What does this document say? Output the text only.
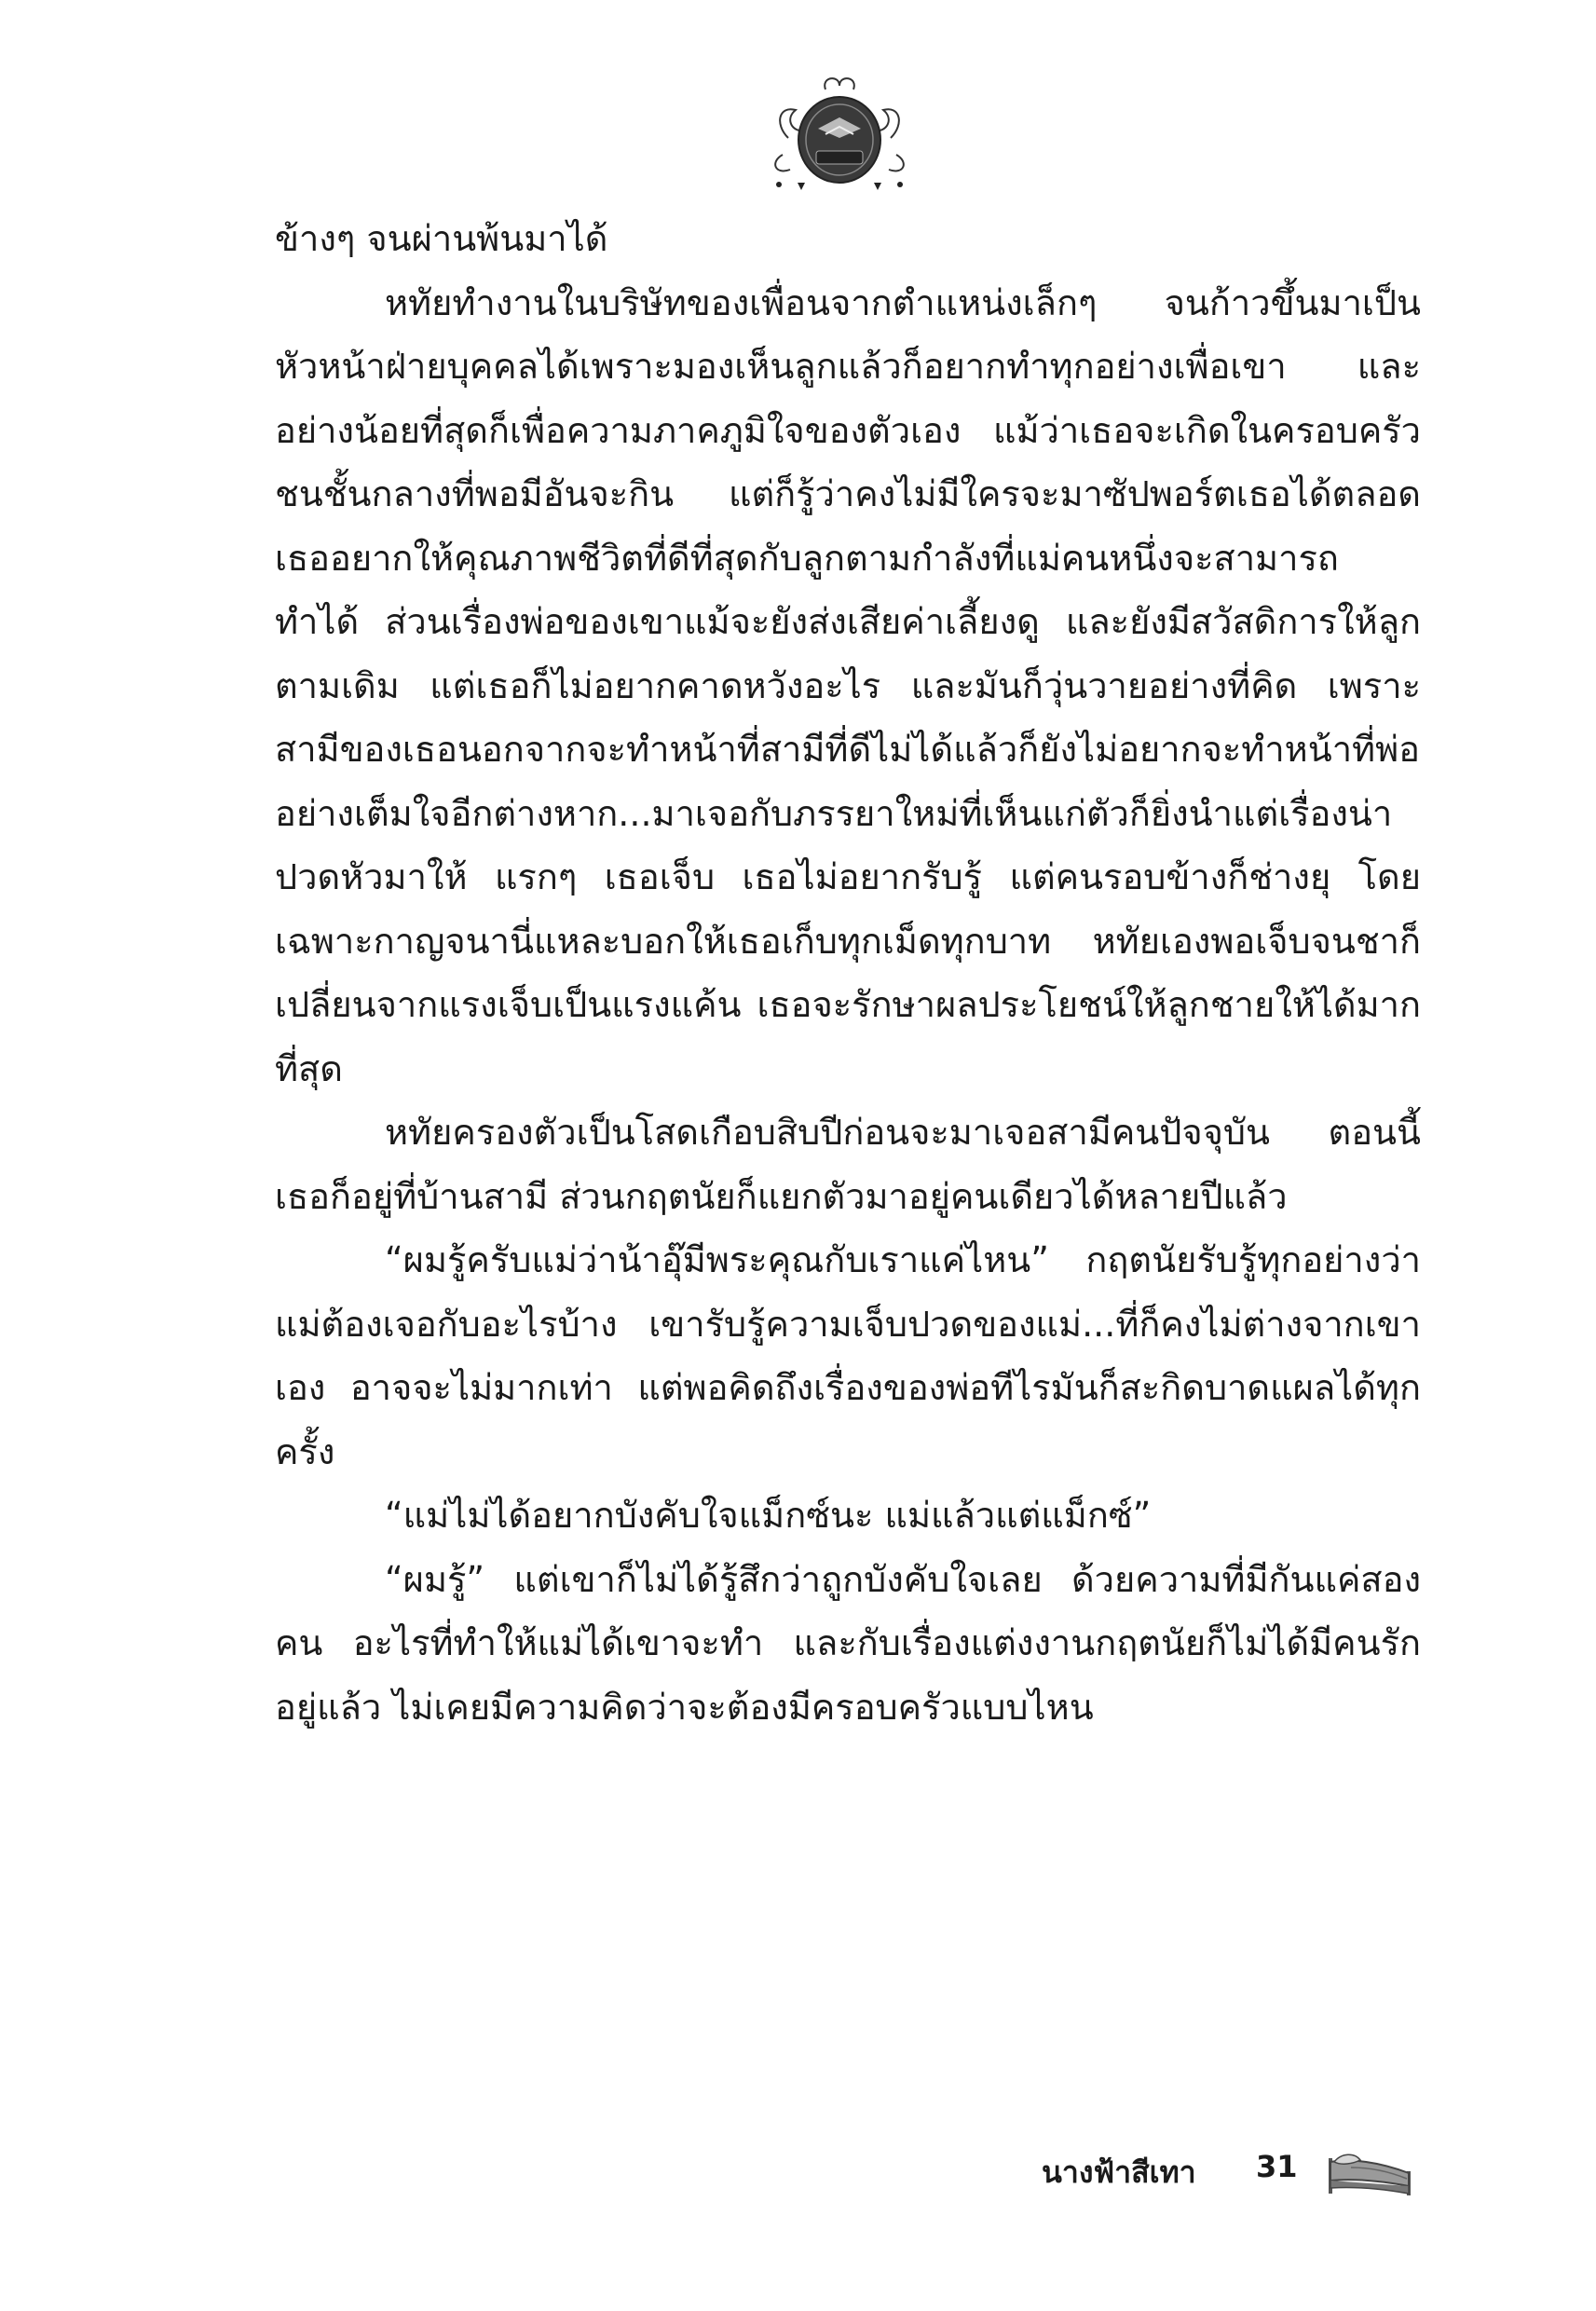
ข้างๆ จนผ่านพ้นมาได้

หทัยทำงานในบริษัทของเพื่อนจากตำแหน่งเล็กๆ จนก้าวขึ้นมาเป็นหัวหน้าฝ่ายบุคคลได้เพราะมองเห็นลูกแล้วก็อยากทำทุกอย่างเพื่อเขา และอย่างน้อยที่สุดก็เพื่อความภาคภูมิใจของตัวเอง แม้ว่าเธอจะเกิดในครอบครัวชนชั้นกลางที่พอมีอันจะกิน แต่ก็รู้ว่าคงไม่มีใครจะมาซัปพอร์ตเธอได้ตลอด เธออยากให้คุณภาพชีวิตที่ดีที่สุดกับลูกตามกำลังที่แม่คนหนึ่งจะสามารถทำได้ ส่วนเรื่องพ่อของเขาแม้จะยังส่งเสียค่าเลี้ยงดู และยังมีสวัสดิการให้ลูกตามเดิม แต่เธอก็ไม่อยากคาดหวังอะไร และมันก็วุ่นวายอย่างที่คิด เพราะสามีของเธอนอกจากจะทำหน้าที่สามีที่ดีไม่ได้แล้วก็ยังไม่อยากจะทำหน้าที่พ่ออย่างเต็มใจอีกต่างหาก...มาเจอกับภรรยาใหม่ที่เห็นแก่ตัวก็ยิ่งนำแต่เรื่องน่าปวดหัวมาให้ แรกๆ เธอเจ็บ เธอไม่อยากรับรู้ แต่คนรอบข้างก็ช่างยุ โดยเฉพาะกาญจนานี่แหละบอกให้เธอเก็บทุกเม็ดทุกบาท หทัยเองพอเจ็บจนชาก็เปลี่ยนจากแรงเจ็บเป็นแรงแค้น เธอจะรักษาผลประโยชน์ให้ลูกชายให้ได้มากที่สุด

หทัยครองตัวเป็นโสดเกือบสิบปีก่อนจะมาเจอสามีคนปัจจุบัน ตอนนี้เธอก็อยู่ที่บ้านสามี ส่วนกฤตนัยก็แยกตัวมาอยู่คนเดียวได้หลายปีแล้ว

“ผมรู้ครับแม่ว่าน้าอุ๊มีพระคุณกับเราแค่ไหน” กฤตนัยรับรู้ทุกอย่างว่าแม่ต้องเจอกับอะไรบ้าง เขารับรู้ความเจ็บปวดของแม่...ที่ก็คงไม่ต่างจากเขาเอง อาจจะไม่มากเท่า แต่พอคิดถึงเรื่องของพ่อทีไรมันก็สะกิดบาดแผลได้ทุกครั้ง

“แม่ไม่ได้อยากบังคับใจแม็กซ์นะ แม่แล้วแต่แม็กซ์”

“ผมรู้” แต่เขาก็ไม่ได้รู้สึกว่าถูกบังคับใจเลย ด้วยความที่มีกันแค่สองคน อะไรที่ทำให้แม่ได้เขาจะทำ และกับเรื่องแต่งงานกฤตนัยก็ไม่ได้มีคนรักอยู่แล้ว ไม่เคยมีความคิดว่าจะต้องมีครอบครัวแบบไหน

นางฟ้าสีเทา 31
